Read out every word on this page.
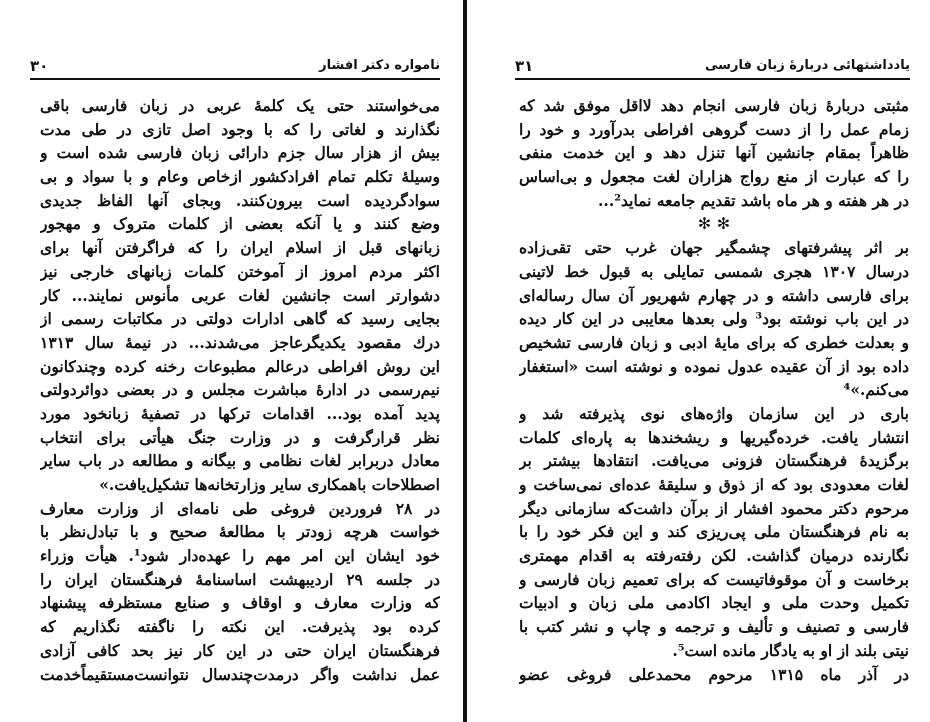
۳۰	نامواره دکتر افشار
می‌خواستند حتی یک کلمهٔ عربی در زبان فارسی باقی
نگذارند و لغاتی را که با وجود اصل تازی در طی مدت
بیش از هزار سال جزم دارائی زبان فارسی شده است و
وسیلهٔ تکلم تمام افرادکشور ازخاص وعام و با سواد و بی
سوادگردیده است بیرون‌کنند. وبجای آنها الفاظ جدیدی
وضع کنند و یا آنکه بعضی از کلمات متروک و مهجور
زبانهای قبل از اسلام ایران را که فراگرفتن آنها برای
اکثر مردم امروز از آموختن کلمات زبانهای خارجی نیز
دشوارتر است جانشین لغات عربی مأنوس نمایند... کار
بجایی رسید که گاهی ادارات دولتی در مکاتبات رسمی از
درك مقصود یکدیگرعاجز می‌شدند... در نیمهٔ سال ۱۳۱۳
این روش افراطی درعالم مطبوعات رخنه کرده وچندکانون
نیم‌رسمی در ادارهٔ مباشرت مجلس و در بعضی دوائردولتی
پدید آمده بود... اقدامات ترکها در تصفیهٔ زبانخود مورد
نظر قرارگرفت و در وزارت جنگ هیأتی برای انتخاب
معادل دربرابر لغات نظامی و بیگانه و مطالعه در باب سایر
اصطلاحات باهمکاری سایر وزارتخانه‌ها تشکیل‌یافت.»
در ۲۸ فروردین فروغی طی نامه‌ای از وزارت معارف
خواست هرچه زودتر با مطالعهٔ صحیح و با تبادل‌نظر با
خود ایشان این امر مهم را عهده‌دار شود¹. هیأت وزراء
در جلسه ۲۹ اردیبهشت اساسنامهٔ فرهنگستان ایران را
که وزارت معارف و اوقاف و صنایع مستظرفه پیشنهاد
کرده بود پذیرفت. این نکته را ناگفته نگذاریم که
فرهنگستان ایران حتی در این کار نیز بحد کافی آزادی
عمل نداشت واگر درمدت‌چندسال نتوانست‌مستقیماً‌خدمت
۳۱	یادداشتهائی دربارهٔ زبان فارسی
مثبتی دربارهٔ زبان فارسی انجام دهد لااقل موفق شد که
زمام عمل را از دست گروهی افراطی بدرآورد و خود را
ظاهراً بمقام جانشین آنها تنزل دهد و این خدمت منفی
را که عبارت از منع رواج هزاران لغت مجعول و بی‌اساس
در هر هفته و هر ماه باشد تقدیم جامعه نماید²...
✻ ✻
بر اثر پیشرفتهای چشمگیر جهان غرب حتی تقی‌زاده
درسال ۱۳۰۷ هجری شمسی تمایلی به قبول خط لاتینی
برای فارسی داشته و در چهارم شهریور آن سال رساله‌ای
در این باب نوشته بود³ ولی بعدها معایبی در این کار دیده
و بعدلت خطری که برای مایهٔ ادبی و زبان فارسی تشخیص
داده بود از آن عقیده عدول نموده و نوشته است «استغفار
می‌کنم.»⁴
باری در این سازمان واژه‌های نوی پذیرفته شد و
انتشار یافت. خرده‌گیریها و ریشخندها به پاره‌ای کلمات
برگزیدهٔ فرهنگستان فزونی می‌یافت. انتقادها بیشتر بر
لغات معدودی بود که از ذوق و سلیقهٔ عده‌ای نمی‌ساخت و
مرحوم دکتر محمود افشار از برآن داشت‌که سازمانی دیگر
به نام فرهنگستان ملی پی‌ریزی کند و این فکر خود را با
نگارنده درمیان گذاشت. لکن رفته‌رفته به اقدام مهمتری
برخاست و آن موقوفاتیست که برای تعمیم زبان فارسی و
تکمیل وحدت ملی و ایجاد اکادمی ملی زبان و ادبیات
فارسی و تصنیف و تألیف و ترجمه و چاپ و نشر کتب با
نیتی بلند از او به یادگار مانده است⁵.
در آذر ماه ۱۳۱۵ مرحوم محمدعلی فروغی عضو
